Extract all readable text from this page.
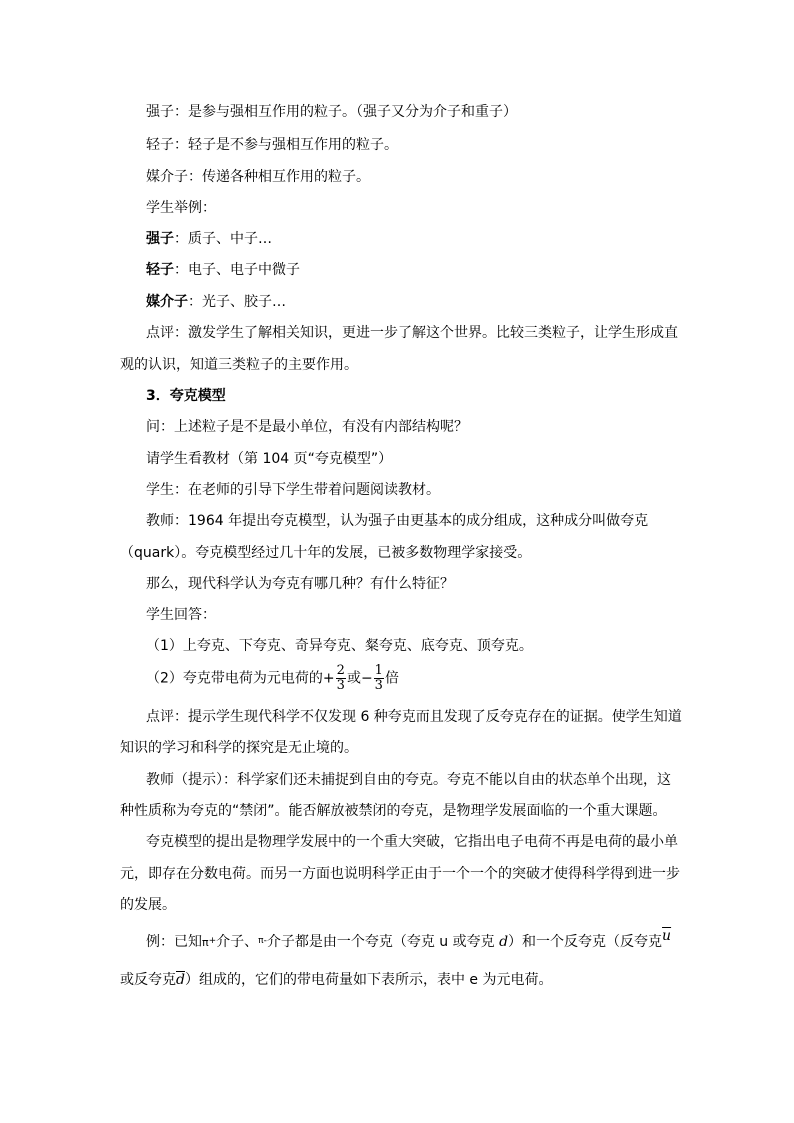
强子：是参与强相互作用的粒子。（强子又分为介子和重子）
轻子：轻子是不参与强相互作用的粒子。
媒介子：传递各种相互作用的粒子。
学生举例：
强子：质子、中子…
轻子：电子、电子中微子
媒介子：光子、胶子…
点评：激发学生了解相关知识，更进一步了解这个世界。比较三类粒子，让学生形成直
观的认识，知道三类粒子的主要作用。
3．夸克模型
问：上述粒子是不是最小单位，有没有内部结构呢？
请学生看教材（第 104 页“夸克模型”）
学生：在老师的引导下学生带着问题阅读教材。
教师：1964 年提出夸克模型，认为强子由更基本的成分组成，这种成分叫做夸克
（quark）。夸克模型经过几十年的发展，已被多数物理学家接受。
那么，现代科学认为夸克有哪几种？有什么特征？
学生回答：
（1）上夸克、下夸克、奇异夸克、粲夸克、底夸克、顶夸克。
（2）夸克带电荷为元电荷的+ $\frac{2}{3}$ 或− $\frac{1}{3}$ 倍
点评：提示学生现代科学不仅发现 6 种夸克而且发现了反夸克存在的证据。使学生知道
知识的学习和科学的探究是无止境的。
教师（提示）：科学家们还未捕捉到自由的夸克。夸克不能以自由的状态单个出现，这
种性质称为夸克的“禁闭”。能否解放被禁闭的夸克，是物理学发展面临的一个重大课题。
夸克模型的提出是物理学发展中的一个重大突破，它指出电子电荷不再是电荷的最小单
元，即存在分数电荷。而另一方面也说明科学正由于一个一个的突破才使得科学得到进一步
的发展。
例：已知π+介子、$^{\pi-}$介子都是由一个夸克（夸克 u 或夸克 d）和一个反夸克（反夸克$\overline{u}$
或反夸克$\overline{d}$）组成的，它们的带电荷量如下表所示，表中 e 为元电荷。
